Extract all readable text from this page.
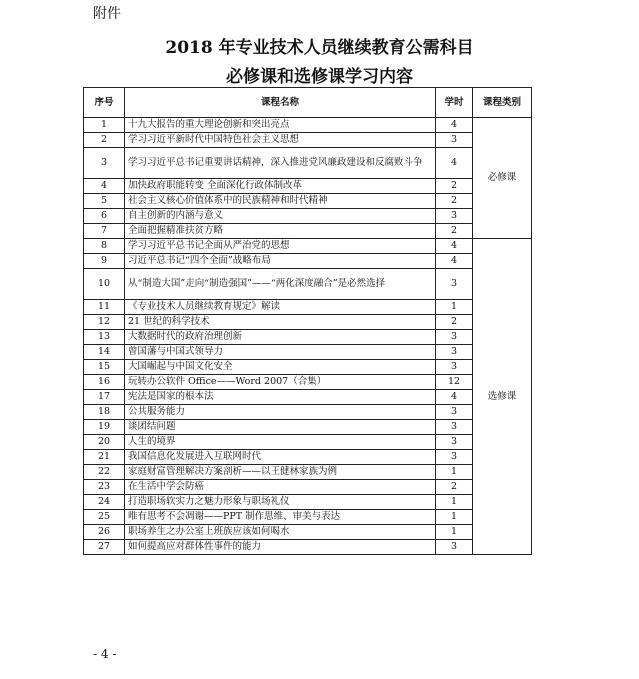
附件
2018 年专业技术人员继续教育公需科目
必修课和选修课学习内容
序号	课程名称	学时	课程类别
1	十九大报告的重大理论创新和突出亮点	4	必修课
2	学习习近平新时代中国特色社会主义思想	3	
3	学习习近平总书记重要讲话精神，深入推进党风廉政建设和反腐败斗争	4	
4	加快政府职能转变 全面深化行政体制改革	2	
5	社会主义核心价值体系中的民族精神和时代精神	2	
6	自主创新的内涵与意义	3	
7	全面把握精准扶贫方略	2	
8	学习习近平总书记全面从严治党的思想	4	选修课
9	习近平总书记“四个全面”战略布局	4	
10	从“制造大国”走向“制造强国”——“两化深度融合”是必然选择	3	
11	《专业技术人员继续教育规定》解读	1	
12	21 世纪的科学技术	2	
13	大数据时代的政府治理创新	3	
14	曾国藩与中国式领导力	3	
15	大国崛起与中国文化安全	3	
16	玩转办公软件 Office——Word 2007（合集）	12	
17	宪法是国家的根本法	4	
18	公共服务能力	3	
19	谈团结问题	3	
20	人生的境界	3	
21	我国信息化发展进入互联网时代	3	
22	家庭财富管理解决方案剖析——以王健林家族为例	1	
23	在生活中学会防癌	2	
24	打造职场软实力之魅力形象与职场礼仪	1	
25	唯有思考不会凋谢——PPT 制作思维、审美与表达	1	
26	职场养生之办公室上班族应该如何喝水	1	
27	如何提高应对群体性事件的能力	3	
- 4 -
